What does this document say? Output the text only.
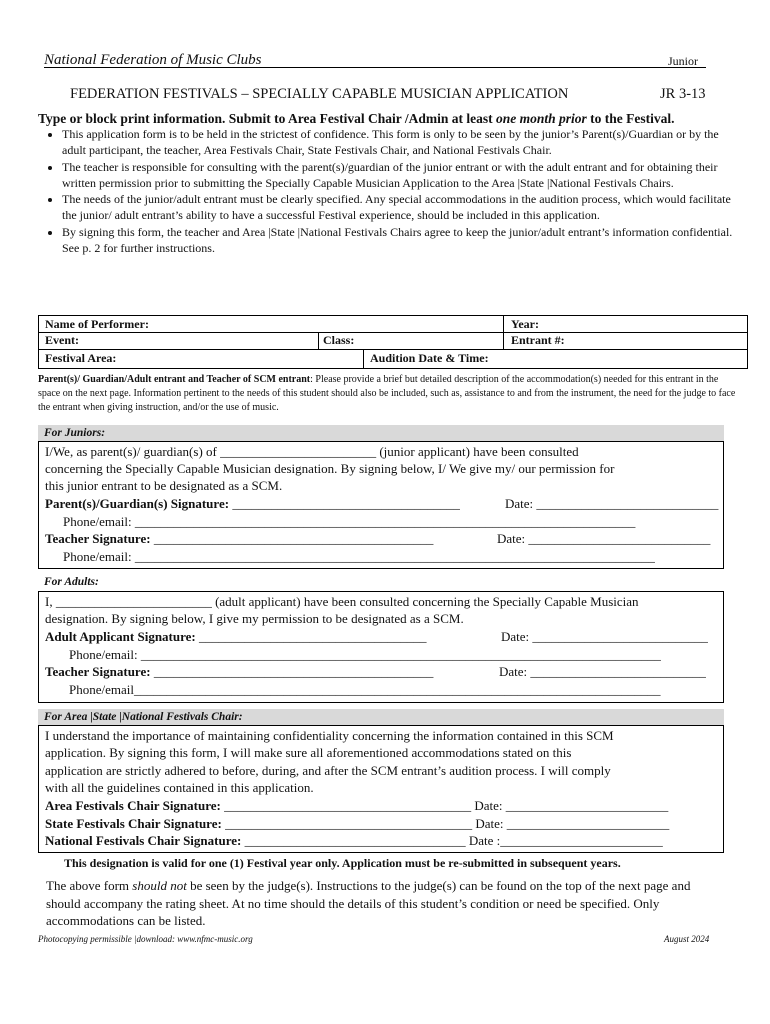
National Federation of Music Clubs	Junior
FEDERATION FESTIVALS – SPECIALLY CAPABLE MUSICIAN APPLICATION	JR 3-13
Type or block print information. Submit to Area Festival Chair /Admin at least one month prior to the Festival.
• This application form is to be held in the strictest of confidence. This form is only to be seen by the junior’s Parent(s)/Guardian or by the adult participant, the teacher, Area Festivals Chair, State Festivals Chair, and National Festivals Chair.
• The teacher is responsible for consulting with the parent(s)/guardian of the junior entrant or with the adult entrant and for obtaining their written permission prior to submitting the Specially Capable Musician Application to the Area |State |National Festivals Chairs.
• The needs of the junior/adult entrant must be clearly specified. Any special accommodations in the audition process, which would facilitate the junior/ adult entrant’s ability to have a successful Festival experience, should be included in this application.
• By signing this form, the teacher and Area |State |National Festivals Chairs agree to keep the junior/adult entrant’s information confidential. See p. 2 for further instructions.
Name of Performer:	Year:
Event:	Class:	Entrant #:
Festival Area:	Audition Date & Time:
Parent(s)/ Guardian/Adult entrant and Teacher of SCM entrant: Please provide a brief but detailed description of the accommodation(s) needed for this entrant in the space on the next page. Information pertinent to the needs of this student should also be included, such as, assistance to and from the instrument, the need for the judge to face the entrant when giving instruction, and/or the use of music.
For Juniors:
I/We, as parent(s)/ guardian(s) of ________________________ (junior applicant) have been consulted
concerning the Specially Capable Musician designation. By signing below, I/ We give my/ our permission for
this junior entrant to be designated as a SCM.
Parent(s)/Guardian(s) Signature: ___________________________________	Date: ____________________________
Phone/email: _____________________________________________________________________________
Teacher Signature: ___________________________________________	Date: ____________________________
Phone/email: ________________________________________________________________________________
For Adults:
I, ________________________ (adult applicant) have been consulted concerning the Specially Capable Musician
designation. By signing below, I give my permission to be designated as a SCM.
Adult Applicant Signature: ___________________________________	Date: ___________________________
Phone/email: ________________________________________________________________________________
Teacher Signature: ___________________________________________	Date: ___________________________
Phone/email_________________________________________________________________________________
For Area |State |National Festivals Chair:
I understand the importance of maintaining confidentiality concerning the information contained in this SCM
application. By signing this form, I will make sure all aforementioned accommodations stated on this
application are strictly adhered to before, during, and after the SCM entrant’s audition process. I will comply
with all the guidelines contained in this application.
Area Festivals Chair Signature: ______________________________________ Date: _________________________
State Festivals Chair Signature: ______________________________________ Date: _________________________
National Festivals Chair Signature: __________________________________ Date :_________________________
This designation is valid for one (1) Festival year only. Application must be re-submitted in subsequent years.
The above form should not be seen by the judge(s). Instructions to the judge(s) can be found on the top of the next page and should accompany the rating sheet. At no time should the details of this student’s condition or need be specified. Only accommodations can be listed.
Photocopying permissible |download: www.nfmc-music.org	August 2024
